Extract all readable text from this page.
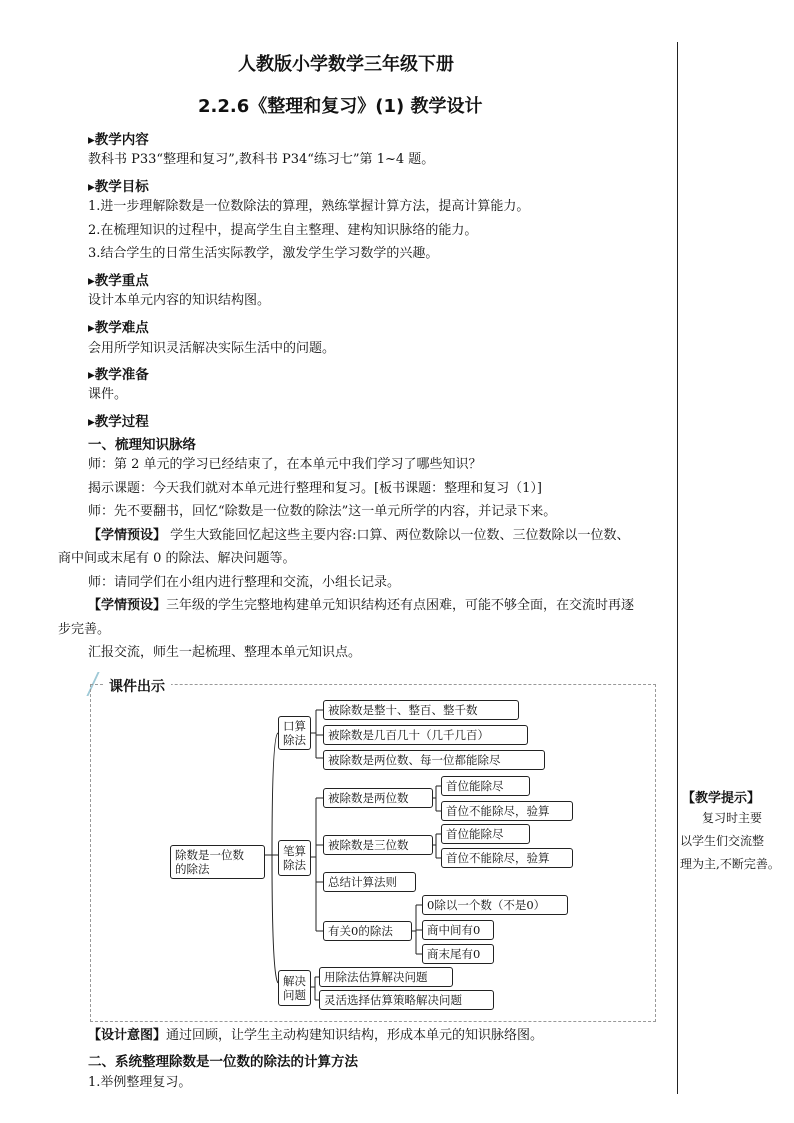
人教版小学数学三年级下册
2.2.6《整理和复习》(1) 教学设计
▸教学内容
教科书 P33“整理和复习”,教科书 P34“练习七”第 1~4 题。
▸教学目标
1.进一步理解除数是一位数除法的算理，熟练掌握计算方法，提高计算能力。
2.在梳理知识的过程中，提高学生自主整理、建构知识脉络的能力。
3.结合学生的日常生活实际教学，激发学生学习数学的兴趣。
▸教学重点
设计本单元内容的知识结构图。
▸教学难点
会用所学知识灵活解决实际生活中的问题。
▸教学准备
课件。
▸教学过程
一、梳理知识脉络
师：第 2 单元的学习已经结束了，在本单元中我们学习了哪些知识？
揭示课题：今天我们就对本单元进行整理和复习。[板书课题：整理和复习（1）]
师：先不要翻书，回忆“除数是一位数的除法”这一单元所学的内容，并记录下来。
【学情预设】 学生大致能回忆起这些主要内容:口算、两位数除以一位数、三位数除以一位数、
商中间或末尾有 0 的除法、解决问题等。
师：请同学们在小组内进行整理和交流，小组长记录。
【学情预设】三年级的学生完整地构建单元知识结构还有点困难，可能不够全面，在交流时再逐
步完善。
汇报交流，师生一起梳理、整理本单元知识点。
课件出示
除数是一位数
的除法
口算
除法
被除数是整十、整百、整千数
被除数是几百几十（几千几百）
被除数是两位数、每一位都能除尽
笔算
除法
被除数是两位数
首位能除尽
首位不能除尽，验算
被除数是三位数
首位能除尽
首位不能除尽，验算
总结计算法则
有关0的除法
0除以一个数（不是0）
商中间有0
商末尾有0
解决
问题
用除法估算解决问题
灵活选择估算策略解决问题
【设计意图】通过回顾，让学生主动构建知识结构，形成本单元的知识脉络图。
二、系统整理除数是一位数的除法的计算方法
1.举例整理复习。
【教学提示】
复习时主要
以学生们交流整
理为主,不断完善。
